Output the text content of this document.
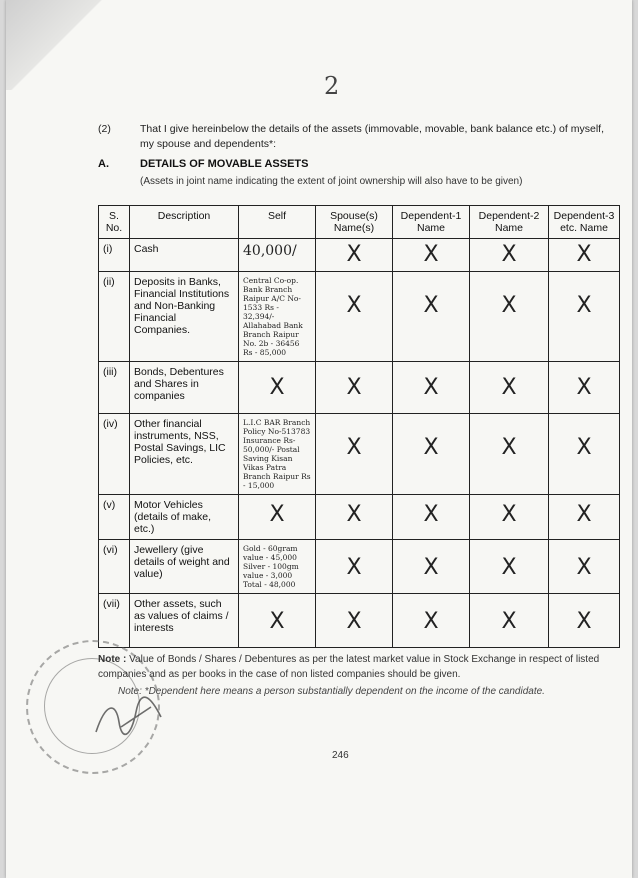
2
(2)	That I give hereinbelow the details of the assets (immovable, movable, bank balance etc.) of myself, my spouse and dependents*:
A.	DETAILS OF MOVABLE ASSETS
(Assets in joint name indicating the extent of joint ownership will also have to be given)
S. No.	Description	Self	Spouse(s) Name(s)	Dependent-1 Name	Dependent-2 Name	Dependent-3 etc. Name
(i)	Cash	40,000/	X	X	X	X

(ii)	Deposits in Banks, Financial Institutions and Non-Banking Financial Companies.	Central Co-op. Bank Branch Raipur A/C No-1533 Rs - 32,394/- Allahabad Bank Branch Raipur No. 2b - 36456 Rs - 85,000	X	X	X	X

(iii)	Bonds, Debentures and Shares in companies	X	X	X	X	X

(iv)	Other financial instruments, NSS, Postal Savings, LIC Policies, etc.	L.I.C BAR Branch Policy No-513783 Insurance Rs- 50,000/- Postal Saving Kisan Vikas Patra Branch Raipur Rs - 15,000	X	X	X	X

(v)	Motor Vehicles (details of make, etc.)	X	X	X	X	X

(vi)	Jewellery (give details of weight and value)	Gold - 60gram value - 45,000 Silver - 100gm value - 3,000 Total - 48,000	X	X	X	X

(vii)	Other assets, such as values of claims / interests	X	X	X	X	X
Note : Value of Bonds / Shares / Debentures as per the latest market value in Stock Exchange in respect of listed companies and as per books in the case of non listed companies should be given.
Note: *Dependent here means a person substantially dependent on the income of the candidate.
246
